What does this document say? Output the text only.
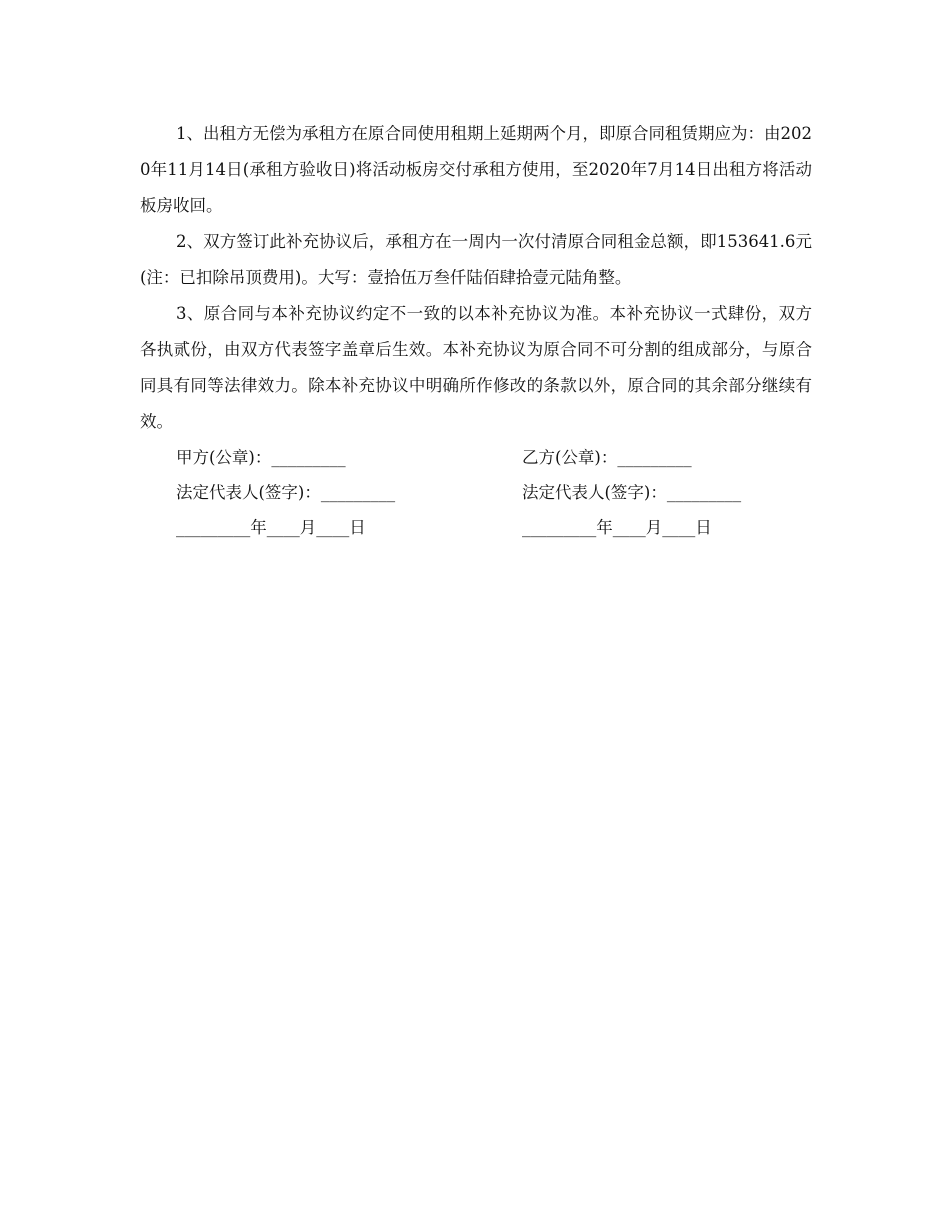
1、出租方无偿为承租方在原合同使用租期上延期两个月，即原合同租赁期应为：由2020年11月14日(承租方验收日)将活动板房交付承租方使用，至2020年7月14日出租方将活动板房收回。

2、双方签订此补充协议后，承租方在一周内一次付清原合同租金总额，即153641.6元(注：已扣除吊顶费用)。大写：壹拾伍万叁仟陆佰肆拾壹元陆角整。

3、原合同与本补充协议约定不一致的以本补充协议为准。本补充协议一式肆份，双方各执贰份，由双方代表签字盖章后生效。本补充协议为原合同不可分割的组成部分，与原合同具有同等法律效力。除本补充协议中明确所作修改的条款以外，原合同的其余部分继续有效。

甲方(公章)：_________	乙方(公章)：_________
法定代表人(签字)：_________	法定代表人(签字)：_________
_________年____月____日	_________年____月____日
